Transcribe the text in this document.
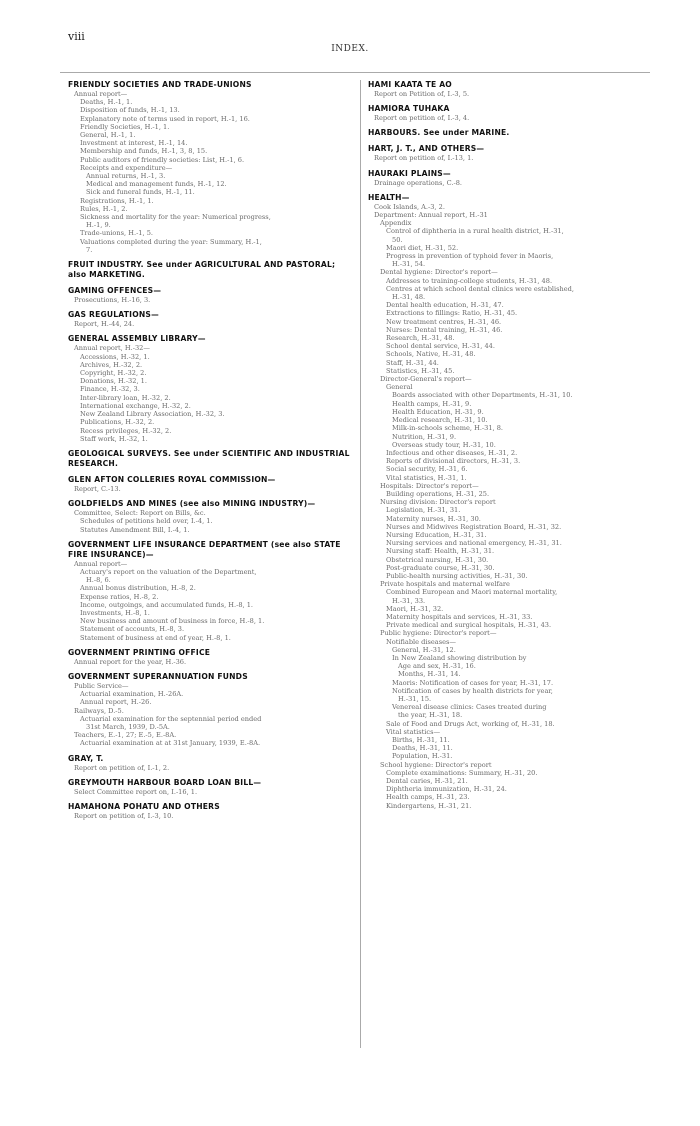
viii
INDEX.
FRIENDLY SOCIETIES AND TRADE-UNIONS
Annual report—
Deaths, H.-1, 1.
Disposition of funds, H.-1, 13.
Explanatory note of terms used in report, H.-1, 16.
Friendly Societies, H.-1, 1.
General, H.-1, 1.
Investment at interest, H.-1, 14.
Membership and funds, H.-1, 3, 8, 15.
Public auditors of friendly societies: List, H.-1, 6.
Receipts and expenditure—
Annual returns, H.-1, 3.
Medical and management funds, H.-1, 12.
Sick and funeral funds, H.-1, 11.
Registrations, H.-1, 1.
Rules, H.-1, 2.
Sickness and mortality for the year: Numerical progress,
H.-1, 9.
Trade-unions, H.-1, 5.
Valuations completed during the year: Summary, H.-1,
7.
FRUIT INDUSTRY. See under AGRICULTURAL AND PASTORAL; also MARKETING.
GAMING OFFENCES—
Prosecutions, H.-16, 3.
GAS REGULATIONS—
Report, H.-44, 24.
GENERAL ASSEMBLY LIBRARY—
Annual report, H.-32—
Accessions, H.-32, 1.
Archives, H.-32, 2.
Copyright, H.-32, 2.
Donations, H.-32, 1.
Finance, H.-32, 3.
Inter-library loan, H.-32, 2.
International exchange, H.-32, 2.
New Zealand Library Association, H.-32, 3.
Publications, H.-32, 2.
Recess privileges, H.-32, 2.
Staff work, H.-32, 1.
GEOLOGICAL SURVEYS. See under SCIENTIFIC AND INDUSTRIAL RESEARCH.
GLEN AFTON COLLERIES ROYAL COMMISSION—
Report, C.-13.
GOLDFIELDS AND MINES (see also MINING INDUSTRY)—
Committee, Select: Report on Bills, &c.
Schedules of petitions held over, I.-4, 1.
Statutes Amendment Bill, I.-4, 1.
GOVERNMENT LIFE INSURANCE DEPARTMENT (see also STATE FIRE INSURANCE)—
Annual report—
Actuary's report on the valuation of the Department,
H.-8, 6.
Annual bonus distribution, H.-8, 2.
Expense ratios, H.-8, 2.
Income, outgoings, and accumulated funds, H.-8, 1.
Investments, H.-8, 1.
New business and amount of business in force, H.-8, 1.
Statement of accounts, H.-8, 3.
Statement of business at end of year, H.-8, 1.
GOVERNMENT PRINTING OFFICE
Annual report for the year, H.-36.
GOVERNMENT SUPERANNUATION FUNDS
Public Service—
Actuarial examination, H.-26A.
Annual report, H.-26.
Railways, D.-5.
Actuarial examination for the septennial period ended
31st March, 1939, D.-5A.
Teachers, E.-1, 27; E.-5, E.-8A.
Actuarial examination at at 31st January, 1939, E.-8A.
GRAY, T.
Report on petition of, I.-1, 2.
GREYMOUTH HARBOUR BOARD LOAN BILL—
Select Committee report on, I.-16, 1.
HAMAHONA POHATU AND OTHERS
Report on petition of, I.-3, 10.
HAMI KAATA TE AO
Report on Petition of, I.-3, 5.
HAMIORA TUHAKA
Report on petition of, I.-3, 4.
HARBOURS. See under MARINE.
HART, J. T., AND OTHERS—
Report on petition of, I.-13, 1.
HAURAKI PLAINS—
Drainage operations, C.-8.
HEALTH—
Cook Islands, A.-3, 2.
Department: Annual report, H.-31
Appendix
Control of diphtheria in a rural health district, H.-31,
50.
Maori diet, H.-31, 52.
Progress in prevention of typhoid fever in Maoris,
H.-31, 54.
Dental hygiene: Director's report—
Addresses to training-college students, H.-31, 48.
Centres at which school dental clinics were established,
H.-31, 48.
Dental health education, H.-31, 47.
Extractions to fillings: Ratio, H.-31, 45.
New treatment centres, H.-31, 46.
Nurses: Dental training, H.-31, 46.
Research, H.-31, 48.
School dental service, H.-31, 44.
Schools, Native, H.-31, 48.
Staff, H.-31, 44.
Statistics, H.-31, 45.
Director-General's report—
General
Boards associated with other Departments, H.-31, 10.
Health camps, H.-31, 9.
Health Education, H.-31, 9.
Medical research, H.-31, 10.
Milk-in-schools scheme, H.-31, 8.
Nutrition, H.-31, 9.
Overseas study tour, H.-31, 10.
Infectious and other diseases, H.-31, 2.
Reports of divisional directors, H.-31, 3.
Social security, H.-31, 6.
Vital statistics, H.-31, 1.
Hospitals: Director's report—
Building operations, H.-31, 25.
Nursing division: Director's report
Legislation, H.-31, 31.
Maternity nurses, H.-31, 30.
Nurses and Midwives Registration Board, H.-31, 32.
Nursing Education, H.-31, 31.
Nursing services and national emergency, H.-31, 31.
Nursing staff: Health, H.-31, 31.
Obstetrical nursing, H.-31, 30.
Post-graduate course, H.-31, 30.
Public-health nursing activities, H.-31, 30.
Private hospitals and maternal welfare
Combined European and Maori maternal mortality,
H.-31, 33.
Maori, H.-31, 32.
Maternity hospitals and services, H.-31, 33.
Private medical and surgical hospitals, H.-31, 43.
Public hygiene: Director's report—
Notifiable diseases—
General, H.-31, 12.
In New Zealand showing distribution by
Age and sex, H.-31, 16.
Months, H.-31, 14.
Maoris: Notification of cases for year, H.-31, 17.
Notification of cases by health districts for year,
H.-31, 15.
Venereal disease clinics: Cases treated during
the year, H.-31, 18.
Sale of Food and Drugs Act, working of, H.-31, 18.
Vital statistics—
Births, H.-31, 11.
Deaths, H.-31, 11.
Population, H.-31.
School hygiene: Director's report
Complete examinations: Summary, H.-31, 20.
Dental caries, H.-31, 21.
Diphtheria immunization, H.-31, 24.
Health camps, H.-31, 23.
Kindergartens, H.-31, 21.
